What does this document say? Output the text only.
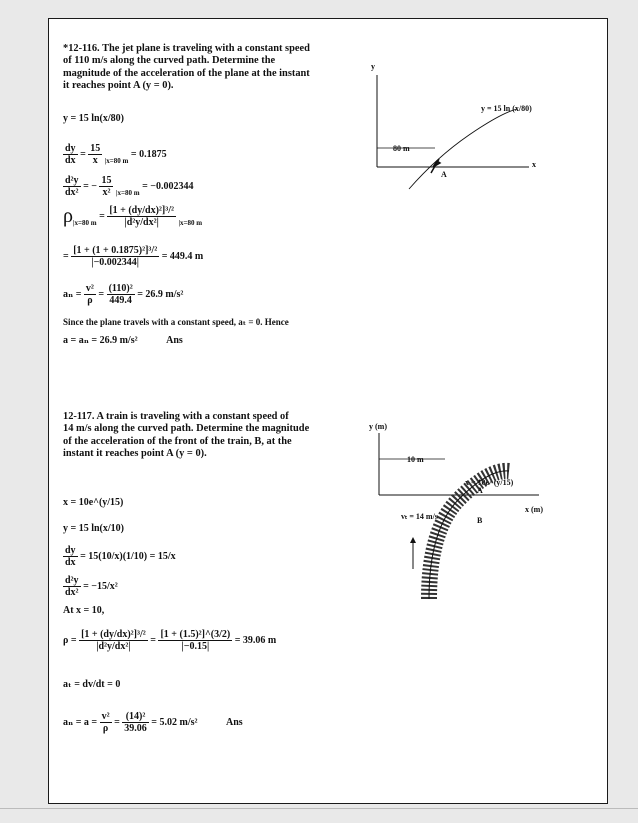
*12-116. The jet plane is traveling with a constant speed
of 110 m/s along the curved path. Determine the
magnitude of the acceleration of the plane at the instant
it reaches point A (y = 0).
y = 15 ln(x/80)
$\frac{dy}{dx} = \frac{15}{x} _{|x=80 m} = 0.1875$
$\frac{\text{d²y}}{\text{dx²}}$ = − $\frac{15}{\text{x²}} _{|x=80 m} = -0.002344$
$\rho_{|x=80 m} = \frac{\text{[1 + (dy/dx)²]³/²}}{\text{|d²y/dx²|}} _{|x=80 m}$
= $\frac{\text{[1 + (1 + 0.1875)²]³/²}}{|-0.002344|} = 449.4$ m
$a_n = \frac{\text{v²}}{\rho} = \frac{\text{(110)²}}{449.4} = 26.9$ m/s²
Since the plane travels with a constant speed, aₜ = 0. Hence
a = aₙ = 26.9 m/s²	Ans
y
x
80 m
y = 15 ln (x/80)
A
12-117. A train is traveling with a constant speed of
14 m/s along the curved path. Determine the magnitude
of the acceleration of the front of the train, B, at the
instant it reaches point A (y = 0).
x = 10e^(y/15)
y = 15 ln(x/10)
$\frac{dy}{dx} = 15(10/x)(1/10) = 15/x$
$\frac{\text{d²y}}{\text{dx²}} = -15/x^2$
At x = 10,
$\rho = \frac{\text{[1 + (dy/dx)²]³/²}}{\text{|d²y/dx²|}} = \frac{\text{[1 + (1.5)²]\textasciicircum{}(3/2)}}{|-0.15|} = 39.06$ m
aₜ = dv/dt = 0
$a_n = a = \frac{\text{v²}}{\rho} = \frac{\text{(14)²}}{39.06} = 5.02$ m/s²	Ans
y (m)
x (m)
10 m
x = 10e^(y/15)
A
B
vₜ = 14 m/s
